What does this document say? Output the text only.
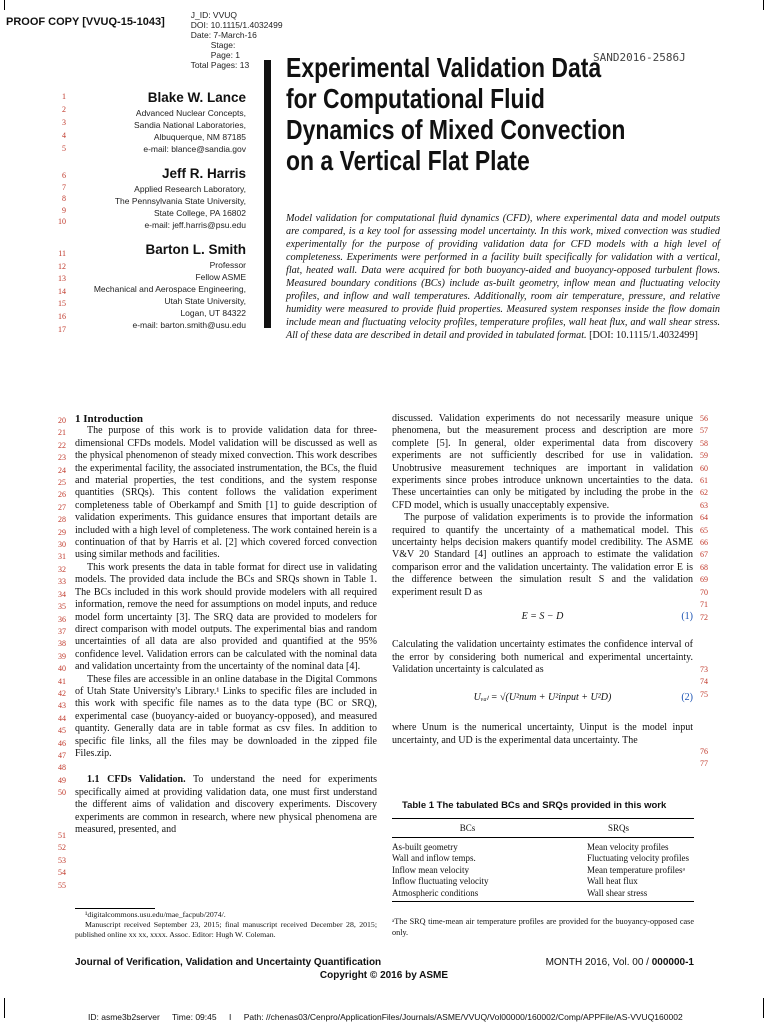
J_ID: VVUQ
DOI: 10.1115/1.4032499
Date: 7-March-16
Stage:
Page: 1
Total Pages: 13

PROOF COPY [VVUQ-15-1043]
SAND2016-2586J
1
2
3
4
5
6
7
8
9
10
11
12
13
14
15
16
17
Blake W. Lance
Advanced Nuclear Concepts,
Sandia National Laboratories,
Albuquerque, NM 87185
e-mail: blance@sandia.gov
Jeff R. Harris
Applied Research Laboratory,
The Pennsylvania State University,
State College, PA 16802
e-mail: jeff.harris@psu.edu
Barton L. Smith
Professor
Fellow ASME
Mechanical and Aerospace Engineering,
Utah State University,
Logan, UT 84322
e-mail: barton.smith@usu.edu
Experimental Validation Data
for Computational Fluid
Dynamics of Mixed Convection
on a Vertical Flat Plate
Model validation for computational fluid dynamics (CFD), where experimental data and model outputs are compared, is a key tool for assessing model uncertainty. In this work, mixed convection was studied experimentally for the purpose of providing validation data for CFD models with a high level of completeness. Experiments were performed in a facility built specifically for validation with a vertical, flat, heated wall. Data were acquired for both buoyancy-aided and buoyancy-opposed turbulent flows. Measured boundary conditions (BCs) include as-built geometry, inflow mean and fluctuating velocity profiles, and inflow and wall temperatures. Additionally, room air temperature, pressure, and relative humidity were measured to provide fluid properties. Measured system responses inside the flow domain include mean and fluctuating velocity profiles, temperature profiles, wall heat flux, and wall shear stress. All of these data are described in detail and provided in tabulated format. [DOI: 10.1115/1.4032499]
20
21
22
23
24
25
26
27
28
29
30
31
32
33
34
35
36
37
38
39
40
41
42
43
44
45
46
47
48
49
50
51
52
53
54
55

1 Introduction

The purpose of this work is to provide validation data for three-dimensional CFDs models. Model validation will be discussed as well as the physical phenomenon of steady mixed convection. This work describes the experimental facility, the associated instrumentation, the BCs, the fluid and material properties, the test conditions, and the system response quantities (SRQs). This content follows the validation experiment completeness table of Oberkampf and Smith [1] to guide description of validation experiments. This guidance ensures that important details are included with a high level of completeness. The work contained herein is a continuation of that by Harris et al. [2] which covered forced convection using similar methods and facilities.

This work presents the data in table format for direct use in validating models. The provided data include the BCs and SRQs shown in Table 1. The BCs included in this work should provide modelers with all required information, remove the need for assumptions on model inputs, and reduce model form uncertainty [3]. The SRQ data are provided to modelers for direct comparison with model outputs. The experimental bias and random uncertainties of all data are also provided and quantified at the 95% confidence level. Validation errors can be calculated with the nominal data and validation uncertainty from the uncertainty of the nominal data [4].

These files are accessible in an online database in the Digital Commons of Utah State University's Library.¹ Links to specific files are included in this work with specific file names as to the data type (BC or SRQ), experimental case (buoyancy-aided or buoyancy-opposed), and measured quantity. Generally data are in table format as csv files. In addition to specific file links, all the files may be downloaded in the zipped file Files.zip.

1.1 CFDs Validation. To understand the need for experiments specifically aimed at providing validation data, one must first understand the different aims of validation and discovery experiments. Discovery experiments are common in research, where new physical phenomena are measured, presented, and

¹digitalcommons.usu.edu/mae_facpub/2074/.

Manuscript received September 23, 2015; final manuscript received December 28, 2015; published online xx xx, xxxx. Assoc. Editor: Hugh W. Coleman.

56
57
58
59
60
61
62
63
64
65
66
67
68
69
70
71
72
73
74
75
76
77

discussed. Validation experiments do not necessarily measure unique phenomena, but the measurement process and description are more complete [5]. In general, older experimental data from discovery experiments are not sufficiently described for use in validation. Unobtrusive measurement techniques are important in validation experiments since probes introduce unknown uncertainties to the data. These uncertainties can only be mitigated by including the probe in the CFD model, which is usually unacceptably expensive.

The purpose of validation experiments is to provide the information required to quantify the uncertainty of a mathematical model. This uncertainty helps decision makers quantify model credibility. The ASME V&V 20 Standard [4] outlines an approach to estimate the validation comparison error and the validation uncertainty. The validation error E is the difference between the simulation result S and the validation experiment result D as

E = S − D	(1)

Calculating the validation uncertainty estimates the confidence interval of the error by considering both numerical and experimental uncertainty. Validation uncertainty is calculated as

Uᵥₐₗ = √(U²num + U²input + U²D)	(2)

where Unum is the numerical uncertainty, Uinput is the model input uncertainty, and UD is the experimental data uncertainty. The

Table 1 The tabulated BCs and SRQs provided in this work
BCs	SRQs
As-built geometry	Mean velocity profiles
Wall and inflow temps.	Fluctuating velocity profiles
Inflow mean velocity	Mean temperature profilesᵃ
Inflow fluctuating velocity	Wall heat flux
Atmospheric conditions	Wall shear stress
ᵃThe SRQ time-mean air temperature profiles are provided for the buoyancy-opposed case only.
Journal of Verification, Validation and Uncertainty Quantification
Copyright © 2016 by ASME
MONTH 2016, Vol. 00 / 000000-1
ID: asme3b2server Time: 09:45 I Path: //chenas03/Cenpro/ApplicationFiles/Journals/ASME/VVUQ/Vol00000/160002/Comp/APPFile/AS-VVUQ160002
